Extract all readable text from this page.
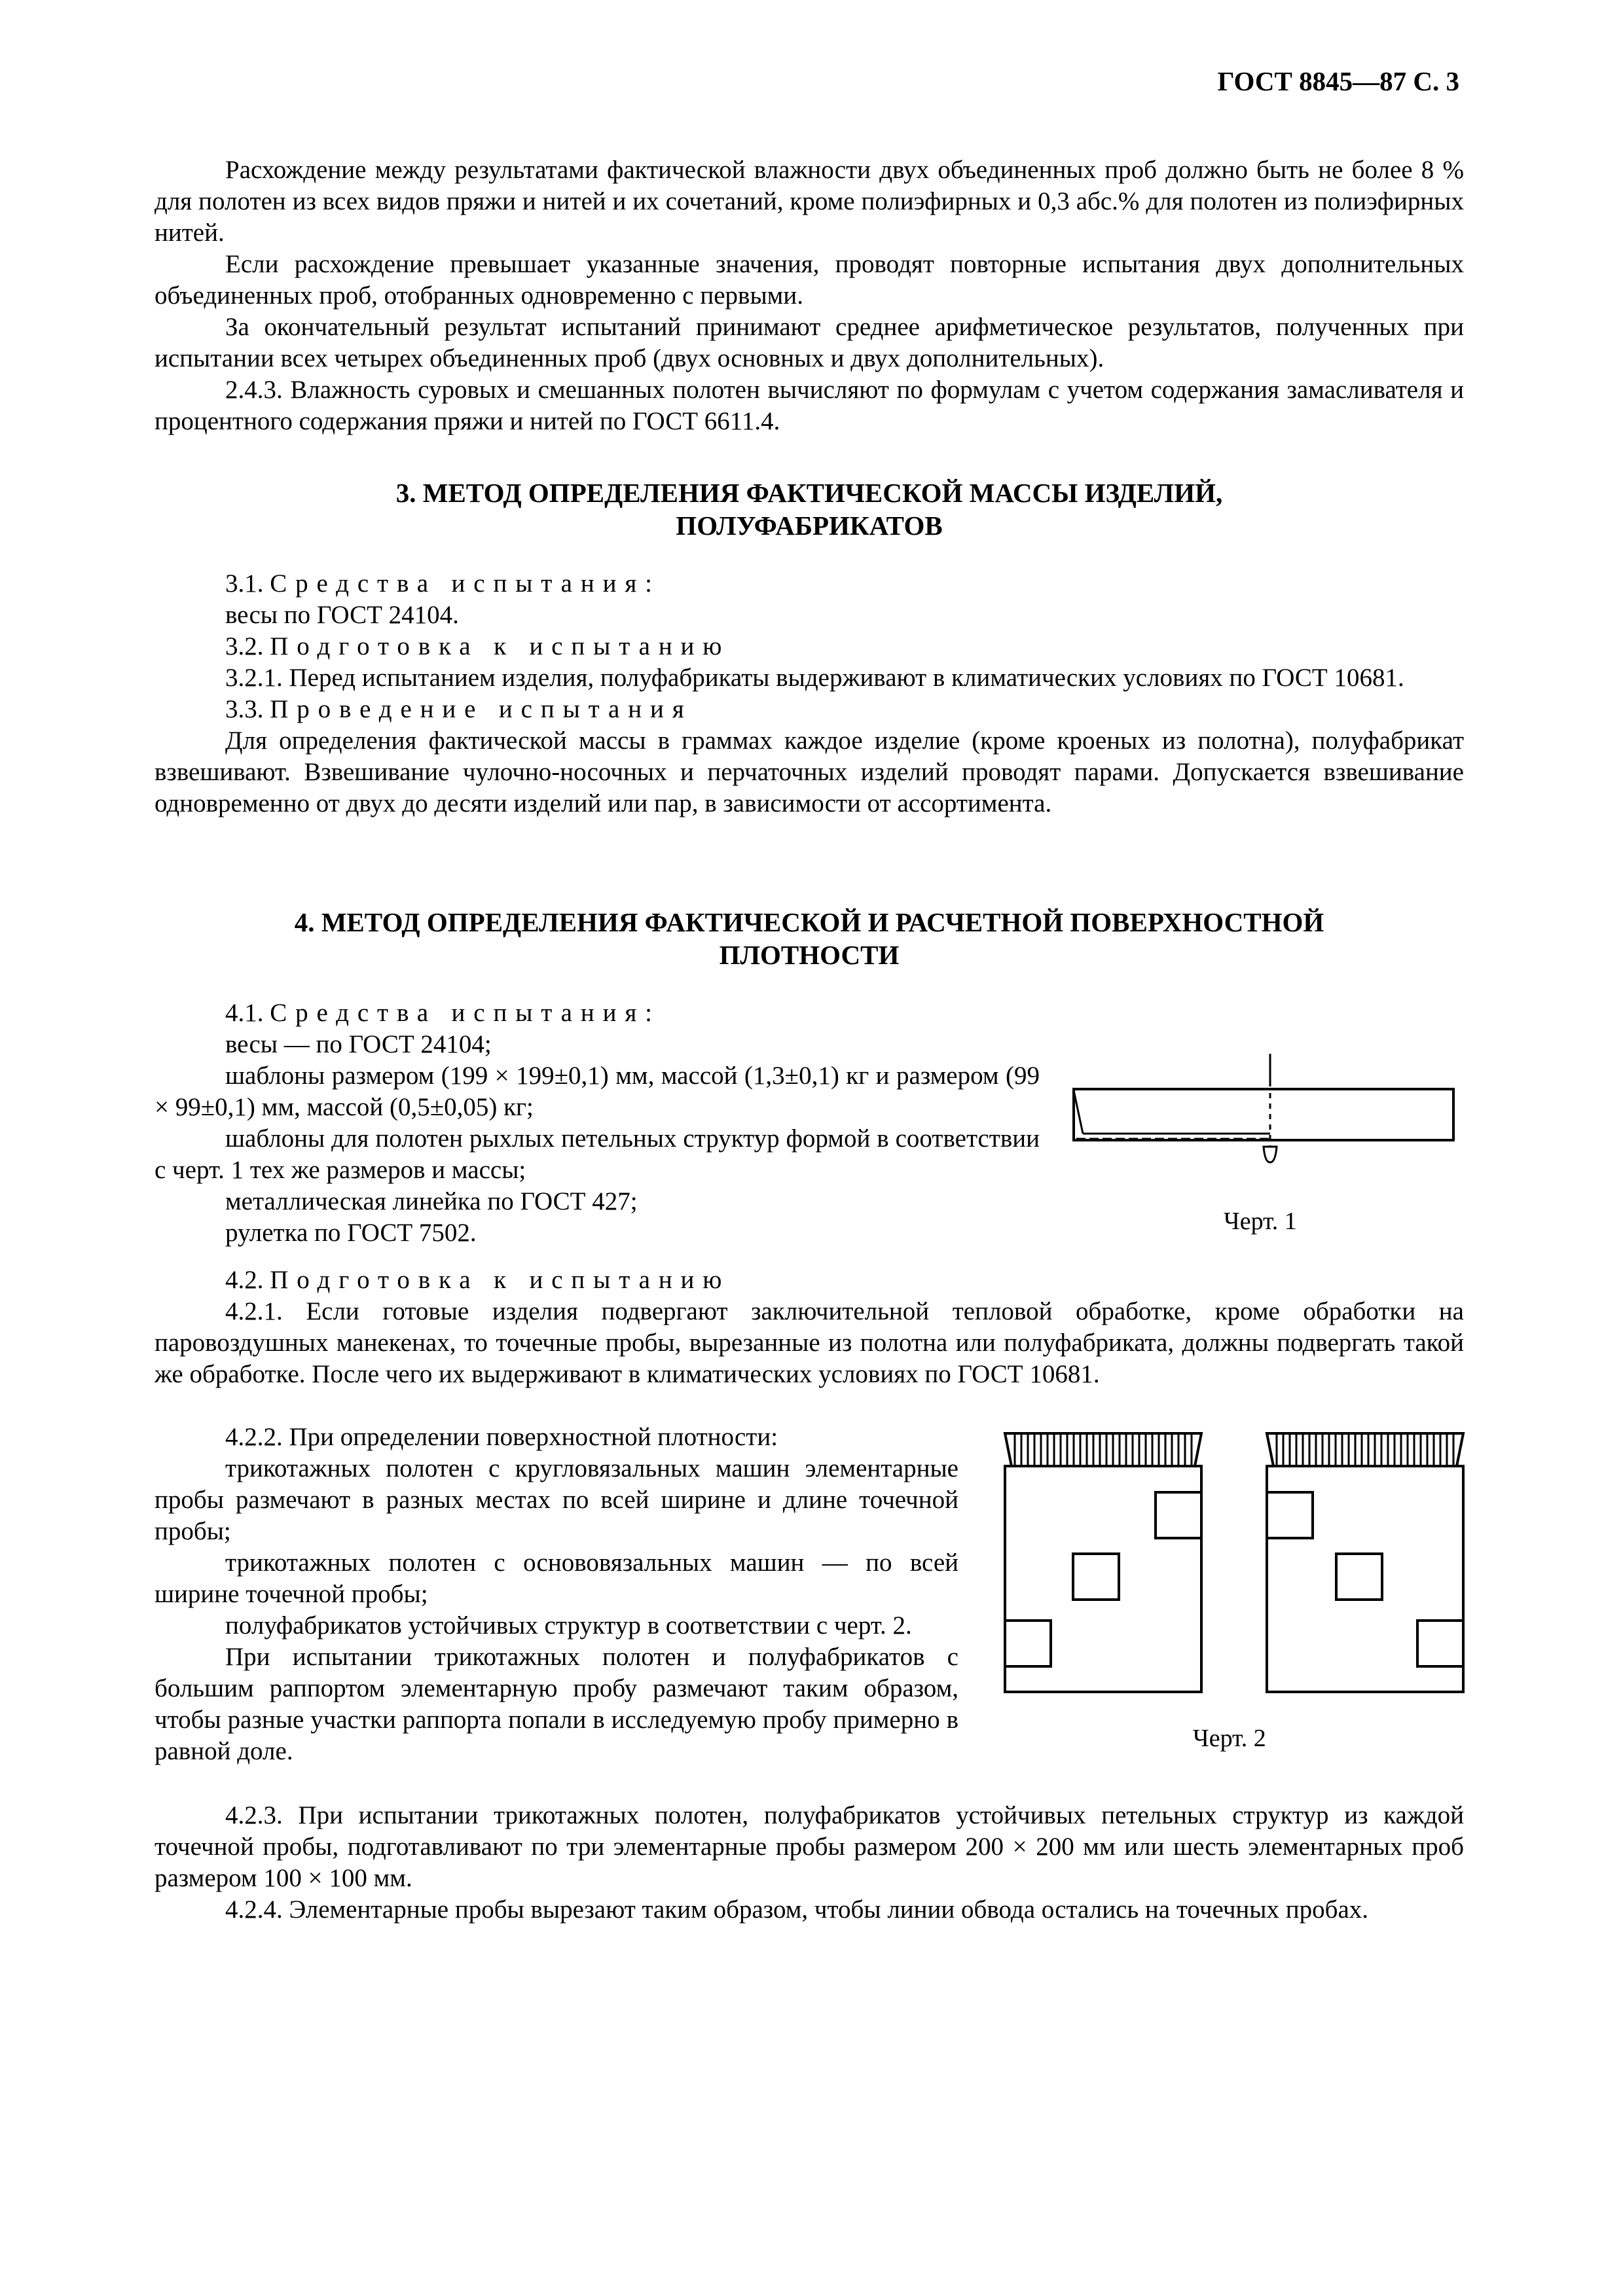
ГОСТ 8845—87 С. 3

Расхождение между результатами фактической влажности двух объединенных проб должно быть не более 8 % для полотен из всех видов пряжи и нитей и их сочетаний, кроме полиэфирных и 0,3 абс.% для полотен из полиэфирных нитей.

Если расхождение превышает указанные значения, проводят повторные испытания двух дополнительных объединенных проб, отобранных одновременно с первыми.

За окончательный результат испытаний принимают среднее арифметическое результатов, полученных при испытании всех четырех объединенных проб (двух основных и двух дополнительных).

2.4.3. Влажность суровых и смешанных полотен вычисляют по формулам с учетом содержания замасливателя и процентного содержания пряжи и нитей по ГОСТ 6611.4.

3. МЕТОД ОПРЕДЕЛЕНИЯ ФАКТИЧЕСКОЙ МАССЫ ИЗДЕЛИЙ,

ПОЛУФАБРИКАТОВ

3.1. Средства испытания:

весы по ГОСТ 24104.

3.2. Подготовка к испытанию

3.2.1. Перед испытанием изделия, полуфабрикаты выдерживают в климатических условиях по ГОСТ 10681.

3.3. Проведение испытания

Для определения фактической массы в граммах каждое изделие (кроме кроеных из полотна), полуфабрикат взвешивают. Взвешивание чулочно-носочных и перчаточных изделий проводят парами. Допускается взвешивание одновременно от двух до десяти изделий или пар, в зависимости от ассортимента.

4. МЕТОД ОПРЕДЕЛЕНИЯ ФАКТИЧЕСКОЙ И РАСЧЕТНОЙ ПОВЕРХНОСТНОЙ

ПЛОТНОСТИ

4.1. Средства испытания:

весы — по ГОСТ 24104;

шаблоны размером (199 × 199±0,1) мм, массой (1,3±0,1) кг и размером (99 × 99±0,1) мм, массой (0,5±0,05) кг;

шаблоны для полотен рыхлых петельных структур формой в соответствии с черт. 1 тех же размеров и массы;

металлическая линейка по ГОСТ 427;

рулетка по ГОСТ 7502.	Черт. 1

4.2. Подготовка к испытанию

4.2.1. Если готовые изделия подвергают заключительной тепловой обработке, кроме обработки на паровоздушных манекенах, то точечные пробы, вырезанные из полотна или полуфабриката, должны подвергать такой же обработке. После чего их выдерживают в климатических условиях по ГОСТ 10681.

4.2.2. При определении поверхностной плотности:

трикотажных полотен с кругловязальных машин элементарные пробы размечают в разных местах по всей ширине и длине точечной пробы;

трикотажных полотен с основовязальных машин — по всей ширине точечной пробы;

полуфабрикатов устойчивых структур в соответствии с черт. 2.

При испытании трикотажных полотен и полуфабрикатов с большим раппортом элементарную пробу размечают таким образом, чтобы разные участки раппорта попали в исследуемую пробу примерно в равной доле.	Черт. 2

4.2.3. При испытании трикотажных полотен, полуфабрикатов устойчивых петельных структур из каждой точечной пробы, подготавливают по три элементарные пробы размером 200 × 200 мм или шесть элементарных проб размером 100 × 100 мм.

4.2.4. Элементарные пробы вырезают таким образом, чтобы линии обвода остались на точечных пробах.
